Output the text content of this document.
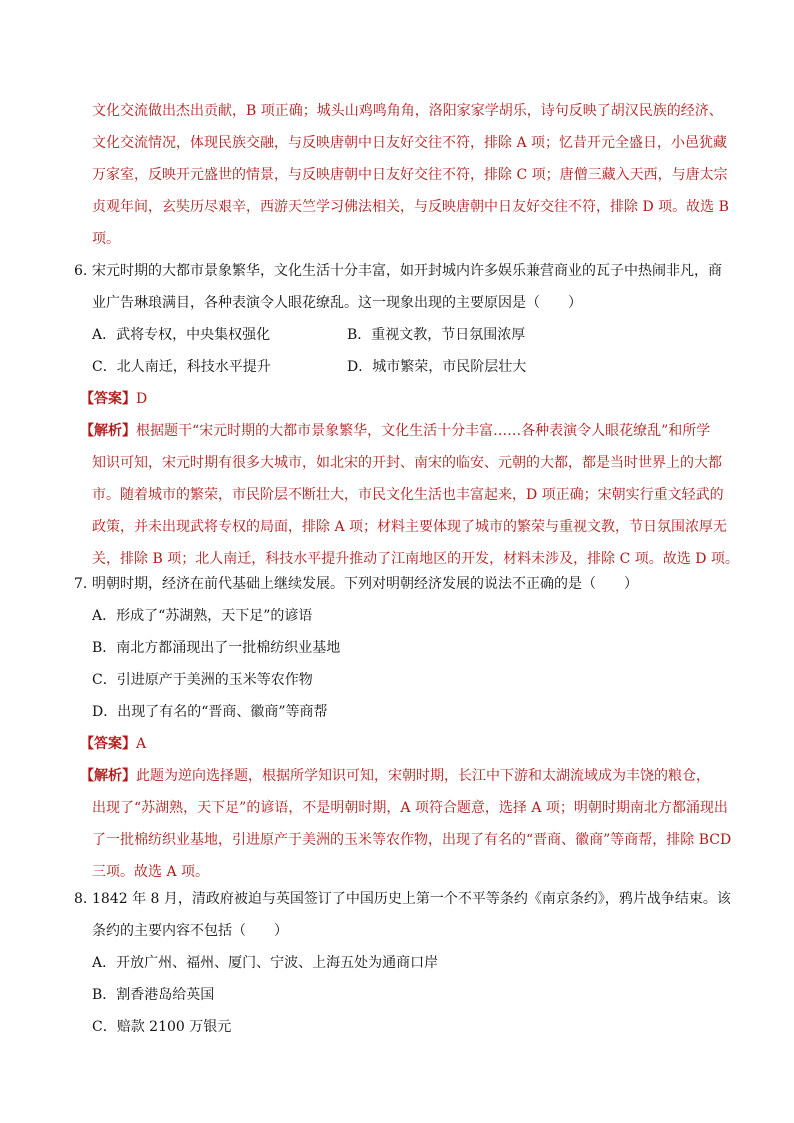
文化交流做出杰出贡献，B 项正确；城头山鸡鸣角角，洛阳家家学胡乐，诗句反映了胡汉民族的经济、
文化交流情况，体现民族交融，与反映唐朝中日友好交往不符，排除 A 项；忆昔开元全盛日，小邑犹藏
万家室，反映开元盛世的情景，与反映唐朝中日友好交往不符，排除 C 项；唐僧三藏入天西，与唐太宗
贞观年间，玄奘历尽艰辛，西游天竺学习佛法相关，与反映唐朝中日友好交往不符，排除 D 项。故选 B
项。
6. 宋元时期的大都市景象繁华，文化生活十分丰富，如开封城内许多娱乐兼营商业的瓦子中热闹非凡，商
业广告琳琅满目，各种表演令人眼花缭乱。这一现象出现的主要原因是（　　）
A．武将专权，中央集权强化	B．重视文教，节日氛围浓厚
C．北人南迁，科技水平提升	D．城市繁荣，市民阶层壮大
【答案】D
【解析】根据题干“宋元时期的大都市景象繁华，文化生活十分丰富……各种表演令人眼花缭乱”和所学
知识可知，宋元时期有很多大城市，如北宋的开封、南宋的临安、元朝的大都，都是当时世界上的大都
市。随着城市的繁荣，市民阶层不断壮大，市民文化生活也丰富起来，D 项正确；宋朝实行重文轻武的
政策，并未出现武将专权的局面，排除 A 项；材料主要体现了城市的繁荣与重视文教，节日氛围浓厚无
关，排除 B 项；北人南迁，科技水平提升推动了江南地区的开发，材料未涉及，排除 C 项。故选 D 项。
7. 明朝时期，经济在前代基础上继续发展。下列对明朝经济发展的说法不正确的是（　　）
A．形成了“苏湖熟，天下足”的谚语
B．南北方都涌现出了一批棉纺织业基地
C．引进原产于美洲的玉米等农作物
D．出现了有名的“晋商、徽商”等商帮
【答案】A
【解析】此题为逆向选择题，根据所学知识可知，宋朝时期，长江中下游和太湖流域成为丰饶的粮仓，
出现了“苏湖熟，天下足”的谚语，不是明朝时期，A 项符合题意，选择 A 项；明朝时期南北方都涌现出
了一批棉纺织业基地，引进原产于美洲的玉米等农作物，出现了有名的“晋商、徽商”等商帮，排除 BCD
三项。故选 A 项。
8. 1842 年 8 月，清政府被迫与英国签订了中国历史上第一个不平等条约《南京条约》，鸦片战争结束。该
条约的主要内容不包括（　　）
A．开放广州、福州、厦门、宁波、上海五处为通商口岸
B．割香港岛给英国
C．赔款 2100 万银元
